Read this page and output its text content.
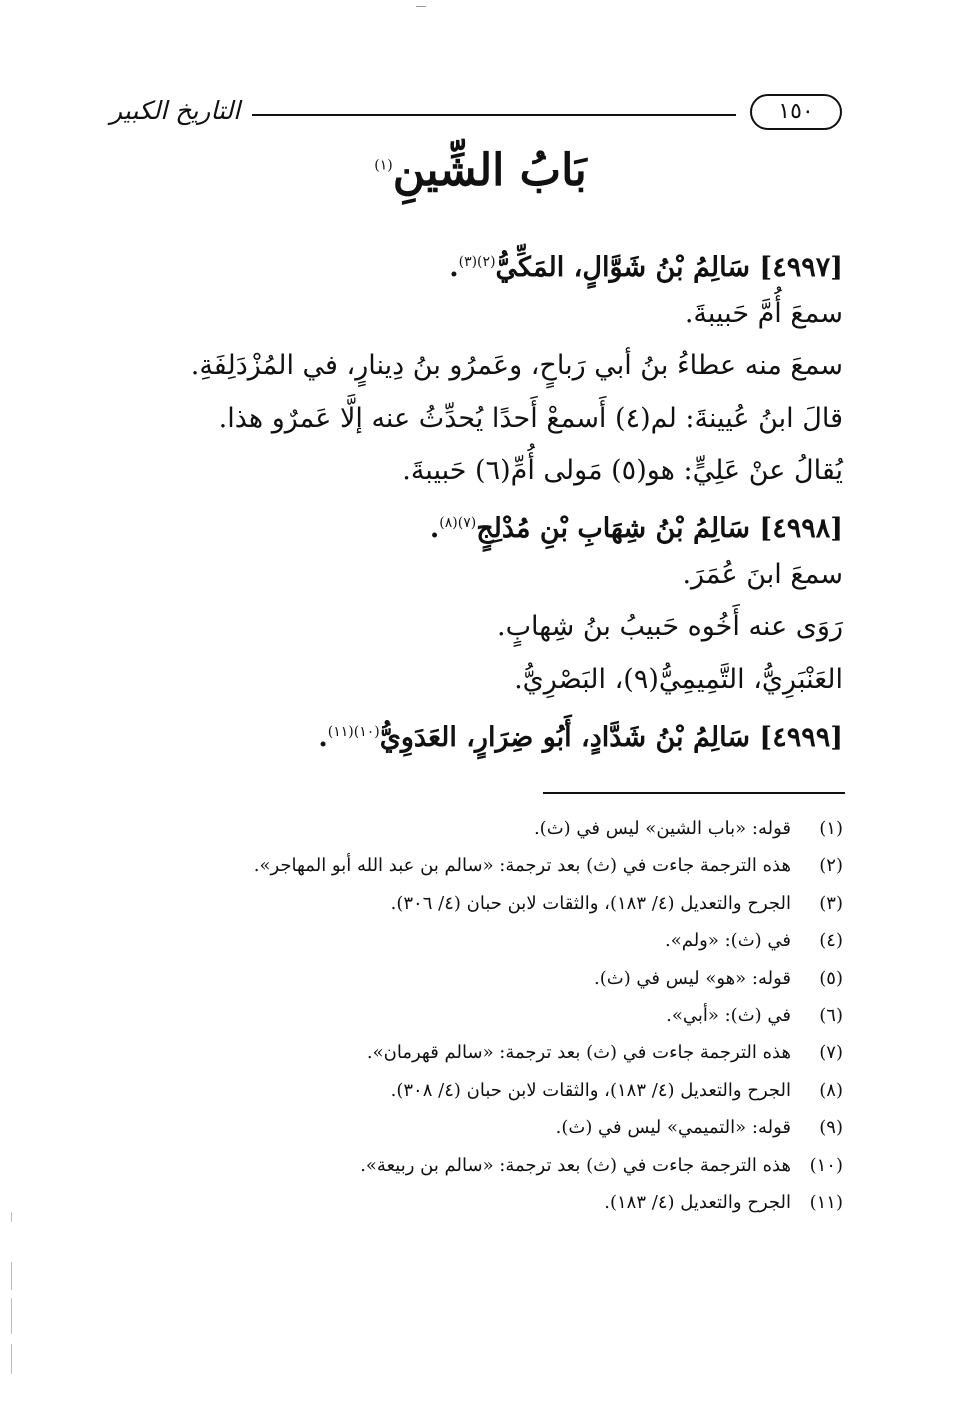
التاريخ الكبير	١٥٠
بَابُ الشِّينِ$^{(١)}$
[٤٩٩٧] سَالِمُ بْنُ شَوَّالٍ، المَكِّيُّ$^{(٢)(٣)}$.
سمعَ أُمَّ حَبيبةَ.
سمعَ منه عطاءُ بنُ أبي رَباحٍ، وعَمرُو بنُ دِينارٍ، في المُزْدَلِفَةِ.
قالَ ابنُ عُيينةَ: لم(٤) أَسمعْ أَحدًا يُحدِّثُ عنه إلَّا عَمرٌو هذا.
يُقالُ عنْ عَلِيٍّ: هو(٥) مَولى أُمِّ(٦) حَبيبةَ.
[٤٩٩٨] سَالِمُ بْنُ شِهَابِ بْنِ مُدْلِجٍ$^{(٧)(٨)}$.
سمعَ ابنَ عُمَرَ.
رَوَى عنه أَخُوه حَبيبُ بنُ شِهابٍ.
العَنْبَرِيُّ، التَّمِيمِيُّ(٩)، البَصْرِيُّ.
[٤٩٩٩] سَالِمُ بْنُ شَدَّادٍ، أَبُو ضِرَارٍ، العَدَوِيُّ$^{(١٠)(١١)}$.
(١)قوله: «باب الشين» ليس في (ث).
(٢)هذه الترجمة جاءت في (ث) بعد ترجمة: «سالم بن عبد الله أبو المهاجر».
(٣)الجرح والتعديل (٤/ ١٨٣)، والثقات لابن حبان (٤/ ٣٠٦).
(٤)في (ث): «ولم».
(٥)قوله: «هو» ليس في (ث).
(٦)في (ث): «أبي».
(٧)هذه الترجمة جاءت في (ث) بعد ترجمة: «سالم قهرمان».
(٨)الجرح والتعديل (٤/ ١٨٣)، والثقات لابن حبان (٤/ ٣٠٨).
(٩)قوله: «التميمي» ليس في (ث).
(١٠)هذه الترجمة جاءت في (ث) بعد ترجمة: «سالم بن ربيعة».
(١١)الجرح والتعديل (٤/ ١٨٣).
